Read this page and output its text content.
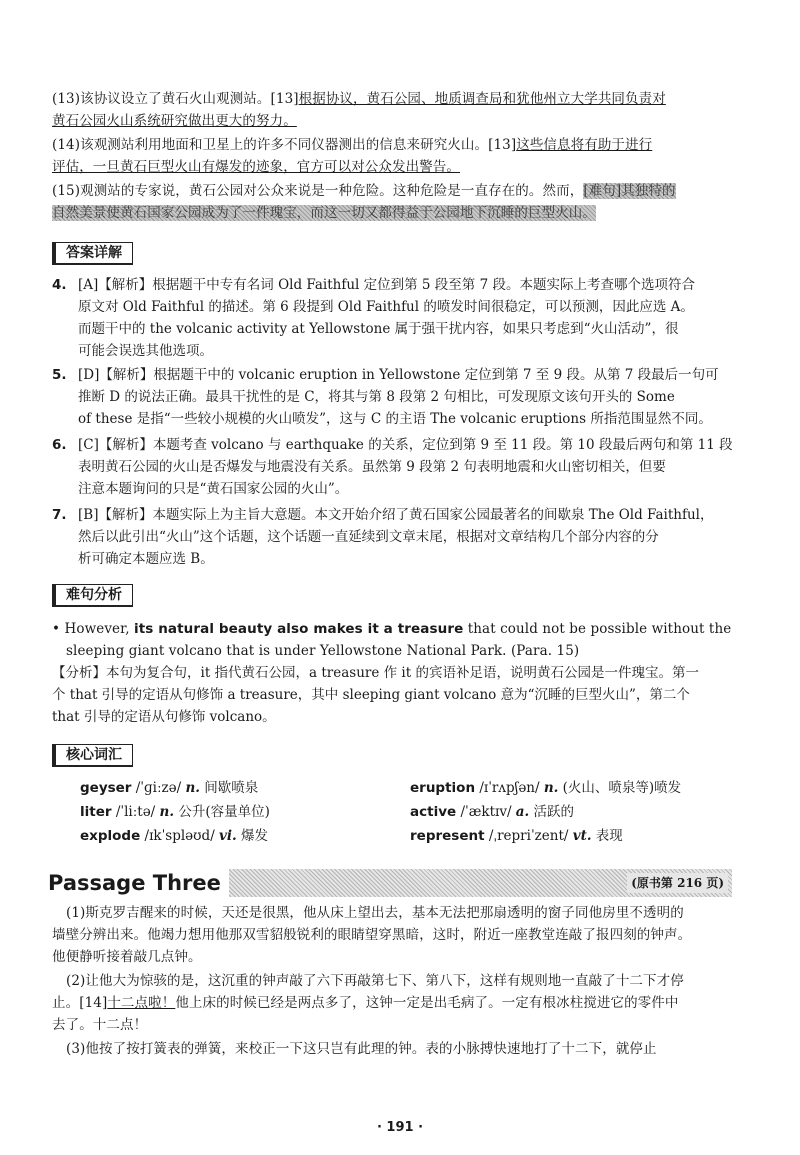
(13)该协议设立了黄石火山观测站。[13]根据协议，黄石公园、地质调查局和犹他州立大学共同负责对
黄石公园火山系统研究做出更大的努力。
(14)该观测站利用地面和卫星上的许多不同仪器测出的信息来研究火山。[13]这些信息将有助于进行
评估，一旦黄石巨型火山有爆发的迹象，官方可以对公众发出警告。
(15)观测站的专家说，黄石公园对公众来说是一种危险。这种危险是一直存在的。然而，[难句]其独特的
自然美景使黄石国家公园成为了一件瑰宝，而这一切又都得益于公园地下沉睡的巨型火山。
答案详解
4. [A]【解析】根据题干中专有名词 Old Faithful 定位到第 5 段至第 7 段。本题实际上考查哪个选项符合
原文对 Old Faithful 的描述。第 6 段提到 Old Faithful 的喷发时间很稳定，可以预测，因此应选 A。
而题干中的 the volcanic activity at Yellowstone 属于强干扰内容，如果只考虑到“火山活动”，很
可能会误选其他选项。
5. [D]【解析】根据题干中的 volcanic eruption in Yellowstone 定位到第 7 至 9 段。从第 7 段最后一句可
推断 D 的说法正确。最具干扰性的是 C，将其与第 8 段第 2 句相比，可发现原文该句开头的 Some
of these 是指“一些较小规模的火山喷发”，这与 C 的主语 The volcanic eruptions 所指范围显然不同。
6. [C]【解析】本题考查 volcano 与 earthquake 的关系，定位到第 9 至 11 段。第 10 段最后两句和第 11 段
表明黄石公园的火山是否爆发与地震没有关系。虽然第 9 段第 2 句表明地震和火山密切相关，但要
注意本题询问的只是“黄石国家公园的火山”。
7. [B]【解析】本题实际上为主旨大意题。本文开始介绍了黄石国家公园最著名的间歇泉 The Old Faithful，
然后以此引出“火山”这个话题，这个话题一直延续到文章末尾，根据对文章结构几个部分内容的分
析可确定本题应选 B。
难句分析
• However, its natural beauty also makes it a treasure that could not be possible without the
sleeping giant volcano that is under Yellowstone National Park. (Para. 15)
【分析】本句为复合句，it 指代黄石公园，a treasure 作 it 的宾语补足语，说明黄石公园是一件瑰宝。第一
个 that 引导的定语从句修饰 a treasure，其中 sleeping giant volcano 意为“沉睡的巨型火山”，第二个
that 引导的定语从句修饰 volcano。
核心词汇
geyser /ˈɡiːzə/ n. 间歇喷泉
liter /ˈliːtə/ n. 公升(容量单位)
explode /ɪkˈspləʊd/ vi. 爆发
eruption /ɪˈrʌpʃən/ n. (火山、喷泉等)喷发
active /ˈæktɪv/ a. 活跃的
represent /ˌrepriˈzent/ vt. 表现
Passage Three	(原书第 216 页)
(1)斯克罗吉醒来的时候，天还是很黑，他从床上望出去，基本无法把那扇透明的窗子同他房里不透明的
墙壁分辨出来。他竭力想用他那双雪貂般锐利的眼睛望穿黑暗，这时，附近一座教堂连敲了报四刻的钟声。
他便静听接着敲几点钟。
(2)让他大为惊骇的是，这沉重的钟声敲了六下再敲第七下、第八下，这样有规则地一直敲了十二下才停
止。[14]十二点啦！他上床的时候已经是两点多了，这钟一定是出毛病了。一定有根冰柱搅进它的零件中
去了。十二点！
(3)他按了按打簧表的弹簧，来校正一下这只岂有此理的钟。表的小脉搏快速地打了十二下，就停止
· 191 ·
